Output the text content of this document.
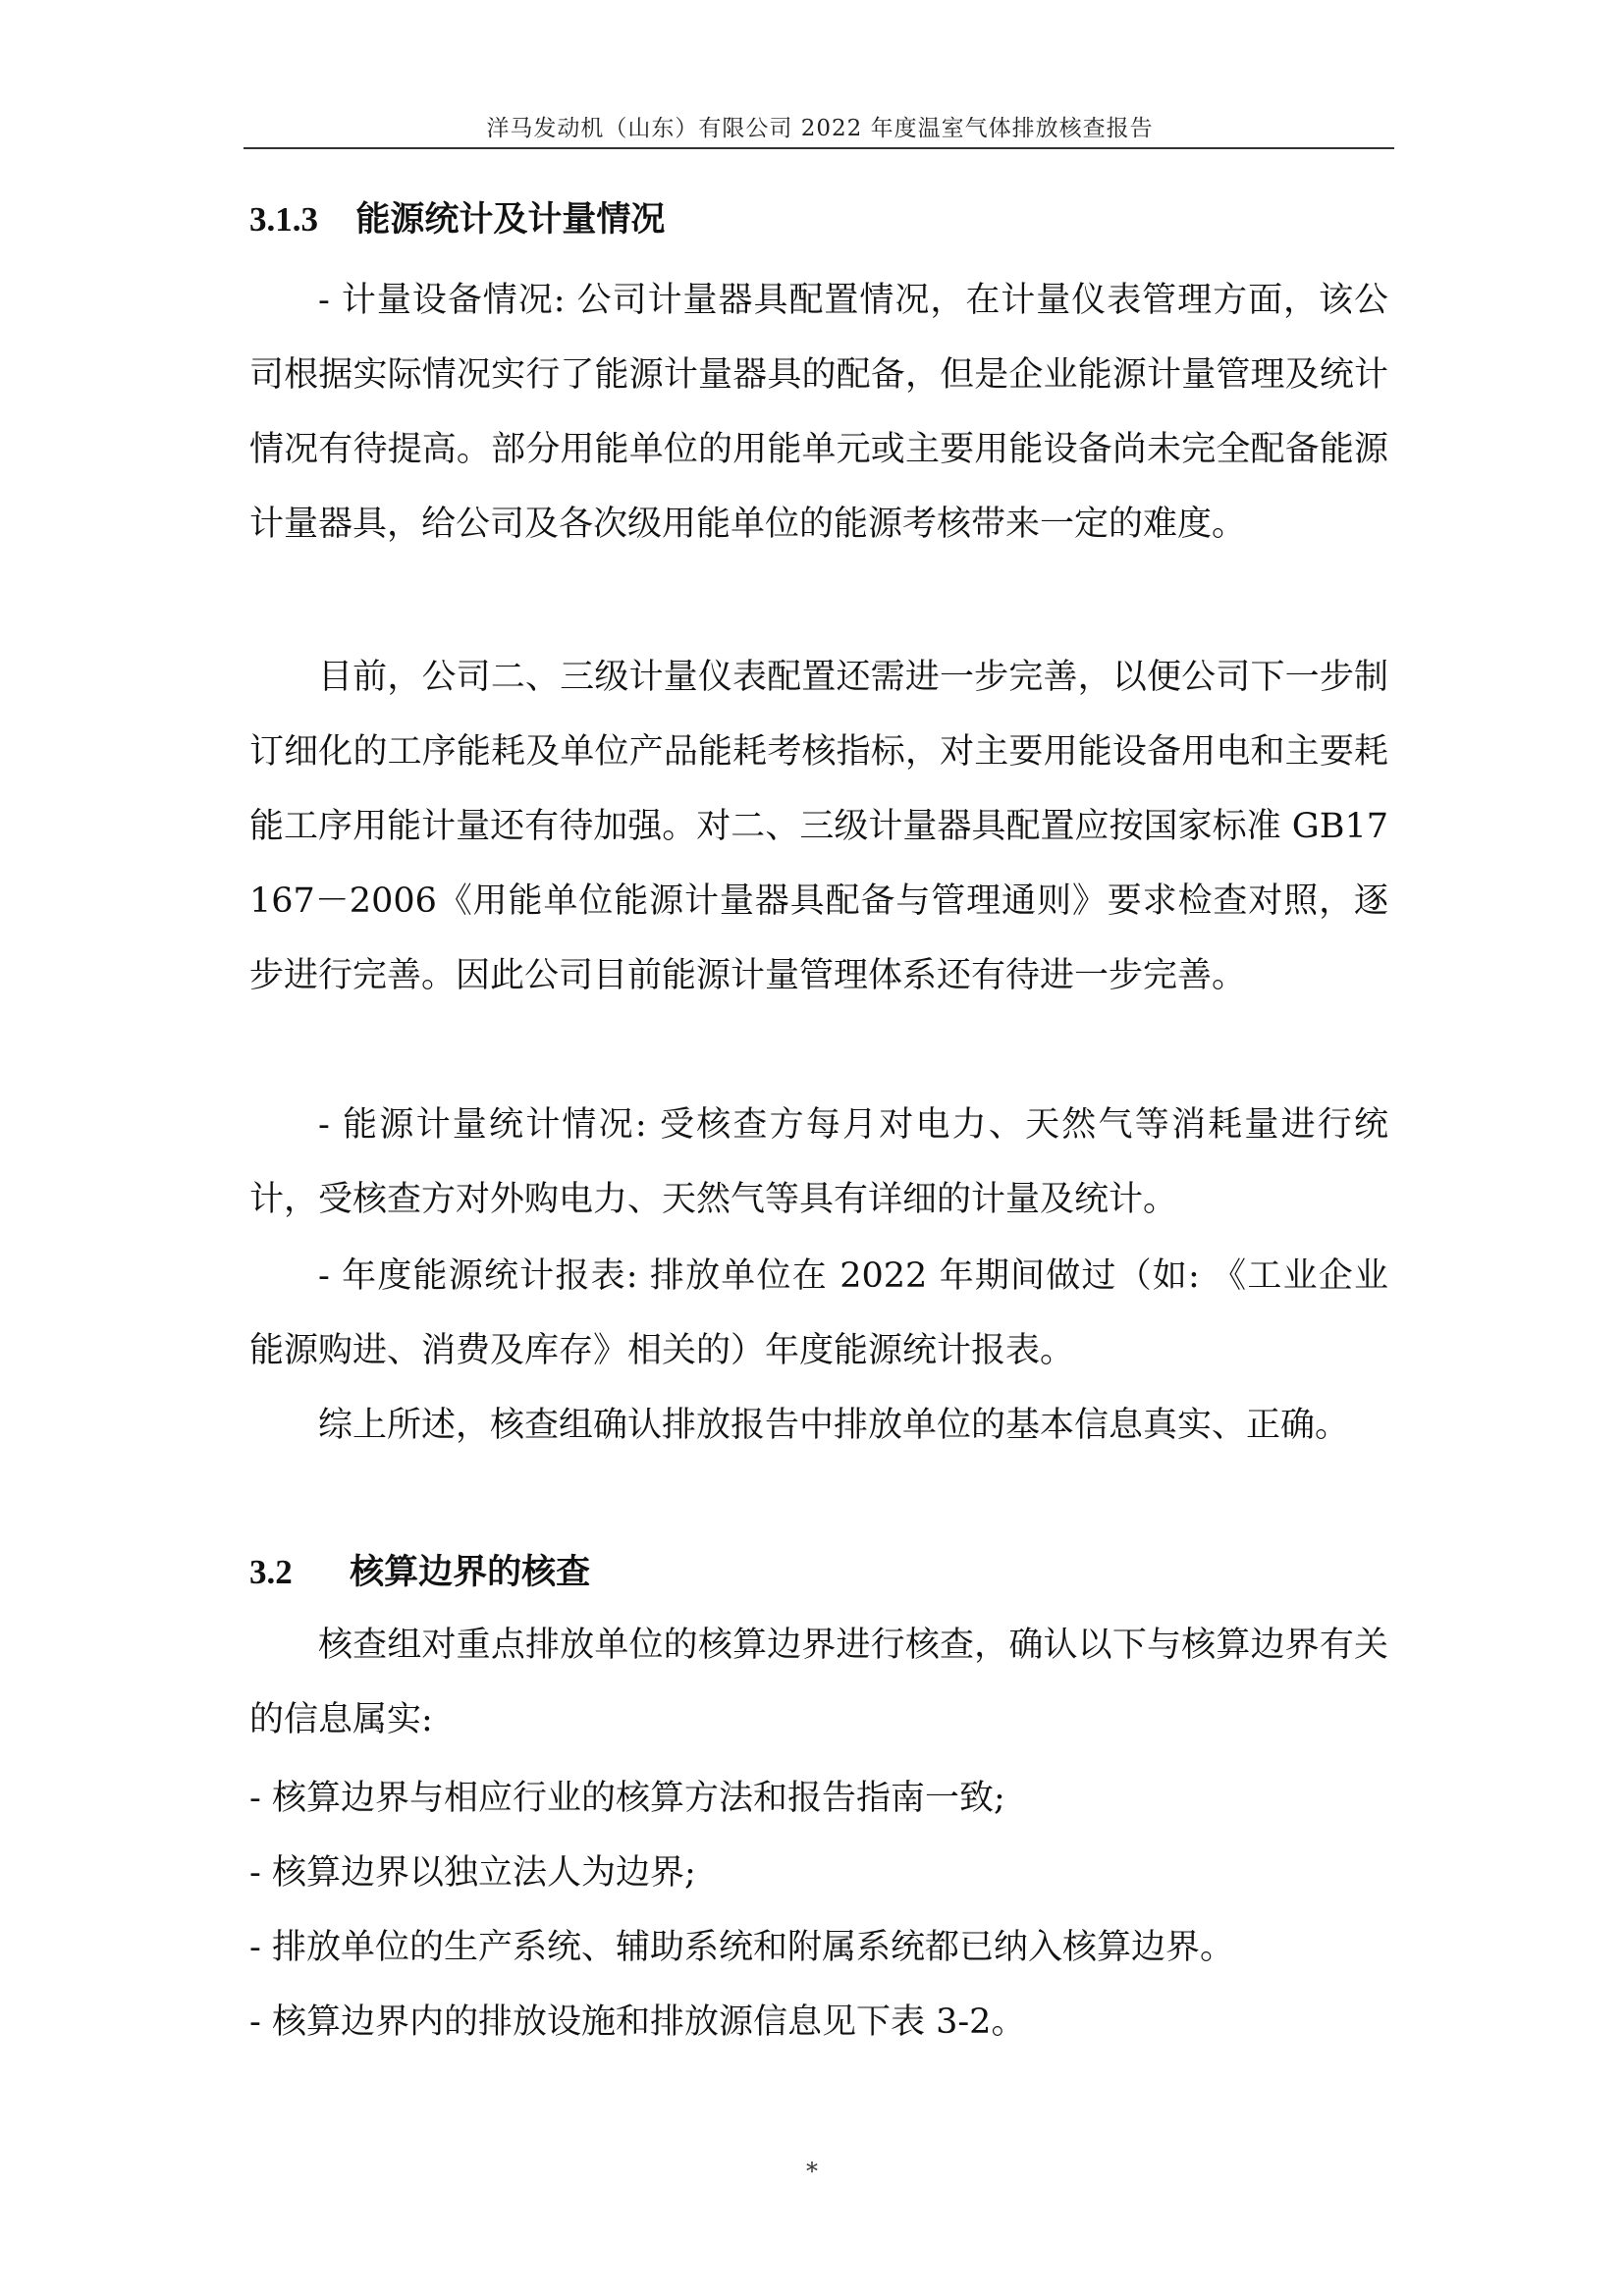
洋马发动机（山东）有限公司 2022 年度温室气体排放核查报告
3.1.3 能源统计及计量情况
- 计量设备情况: 公司计量器具配置情况，在计量仪表管理方面，该公司根据实际情况实行了能源计量器具的配备，但是企业能源计量管理及统计情况有待提高。部分用能单位的用能单元或主要用能设备尚未完全配备能源计量器具，给公司及各次级用能单位的能源考核带来一定的难度。
目前，公司二、三级计量仪表配置还需进一步完善，以便公司下一步制订细化的工序能耗及单位产品能耗考核指标，对主要用能设备用电和主要耗能工序用能计量还有待加强。对二、三级计量器具配置应按国家标准 GB17167－2006《用能单位能源计量器具配备与管理通则》要求检查对照，逐步进行完善。因此公司目前能源计量管理体系还有待进一步完善。
- 能源计量统计情况: 受核查方每月对电力、天然气等消耗量进行统计，受核查方对外购电力、天然气等具有详细的计量及统计。
- 年度能源统计报表: 排放单位在 2022 年期间做过（如: 《工业企业能源购进、消费及库存》相关的）年度能源统计报表。
综上所述，核查组确认排放报告中排放单位的基本信息真实、正确。
3.2 核算边界的核查
核查组对重点排放单位的核算边界进行核查，确认以下与核算边界有关的信息属实:
- 核算边界与相应行业的核算方法和报告指南一致;
- 核算边界以独立法人为边界;
- 排放单位的生产系统、辅助系统和附属系统都已纳入核算边界。
- 核算边界内的排放设施和排放源信息见下表 3-2。
*
